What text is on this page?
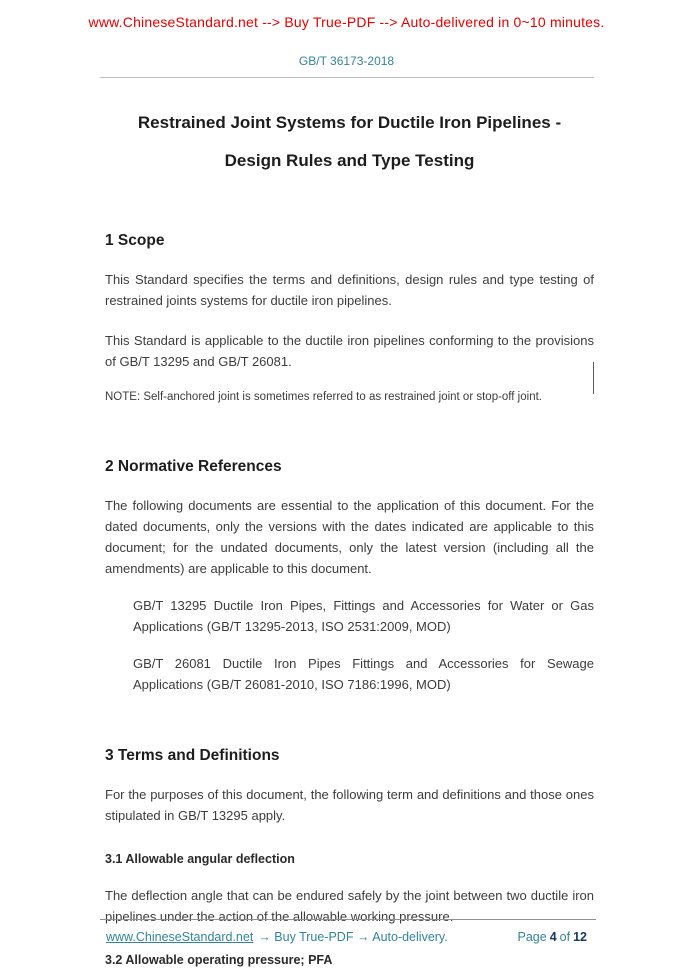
www.ChineseStandard.net --> Buy True-PDF --> Auto-delivered in 0~10 minutes.
GB/T 36173-2018
Restrained Joint Systems for Ductile Iron Pipelines -
Design Rules and Type Testing
1 Scope

This Standard specifies the terms and definitions, design rules and type testing of restrained joints systems for ductile iron pipelines.

This Standard is applicable to the ductile iron pipelines conforming to the provisions of GB/T 13295 and GB/T 26081.

NOTE: Self-anchored joint is sometimes referred to as restrained joint or stop-off joint.

2 Normative References

The following documents are essential to the application of this document. For the dated documents, only the versions with the dates indicated are applicable to this document; for the undated documents, only the latest version (including all the amendments) are applicable to this document.

GB/T 13295 Ductile Iron Pipes, Fittings and Accessories for Water or Gas Applications (GB/T 13295-2013, ISO 2531:2009, MOD)

GB/T 26081 Ductile Iron Pipes Fittings and Accessories for Sewage Applications (GB/T 26081-2010, ISO 7186:1996, MOD)

3 Terms and Definitions

For the purposes of this document, the following term and definitions and those ones stipulated in GB/T 13295 apply.

3.1 Allowable angular deflection

The deflection angle that can be endured safely by the joint between two ductile iron pipelines under the action of the allowable working pressure.

3.2 Allowable operating pressure; PFA

www.ChineseStandard.net → Buy True-PDF → Auto-delivery.	Page 4 of 12
